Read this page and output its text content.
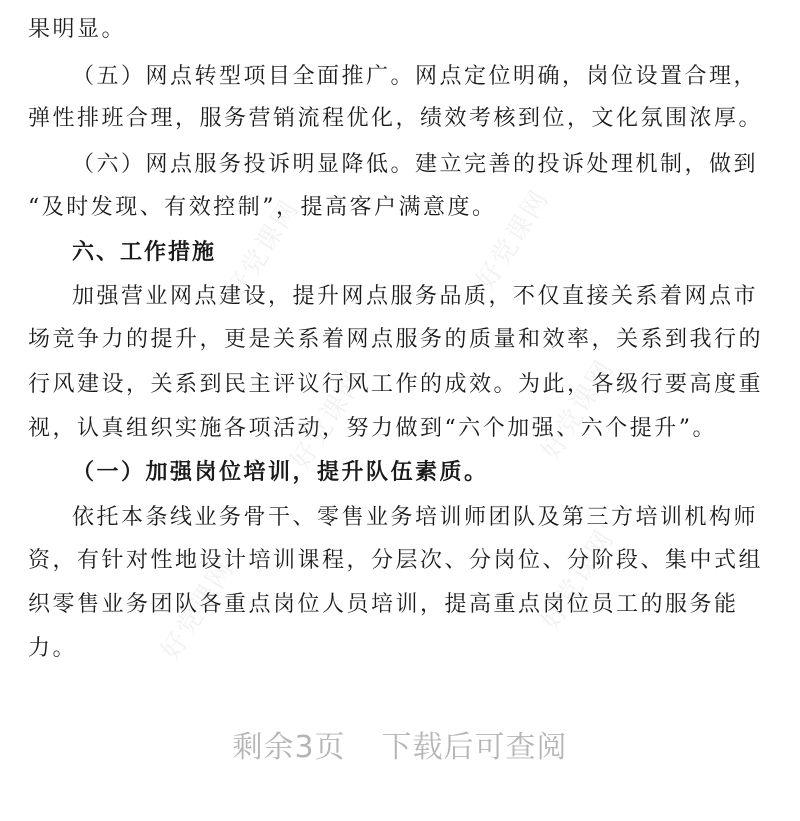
好党课网	好党课网
好党课网	好党课网
好党课网	好党课网
果明显。
（五）网点转型项目全面推广。网点定位明确，岗位设置合理，
弹性排班合理，服务营销流程优化，绩效考核到位，文化氛围浓厚。
（六）网点服务投诉明显降低。建立完善的投诉处理机制，做到
“及时发现、有效控制”，提高客户满意度。
六、工作措施
加强营业网点建设，提升网点服务品质，不仅直接关系着网点市
场竞争力的提升，更是关系着网点服务的质量和效率，关系到我行的
行风建设，关系到民主评议行风工作的成效。为此，各级行要高度重
视，认真组织实施各项活动，努力做到“六个加强、六个提升”。
（一）加强岗位培训，提升队伍素质。
依托本条线业务骨干、零售业务培训师团队及第三方培训机构师
资，有针对性地设计培训课程，分层次、分岗位、分阶段、集中式组
织零售业务团队各重点岗位人员培训，提高重点岗位员工的服务能
力。
剩余3页 下载后可查阅
